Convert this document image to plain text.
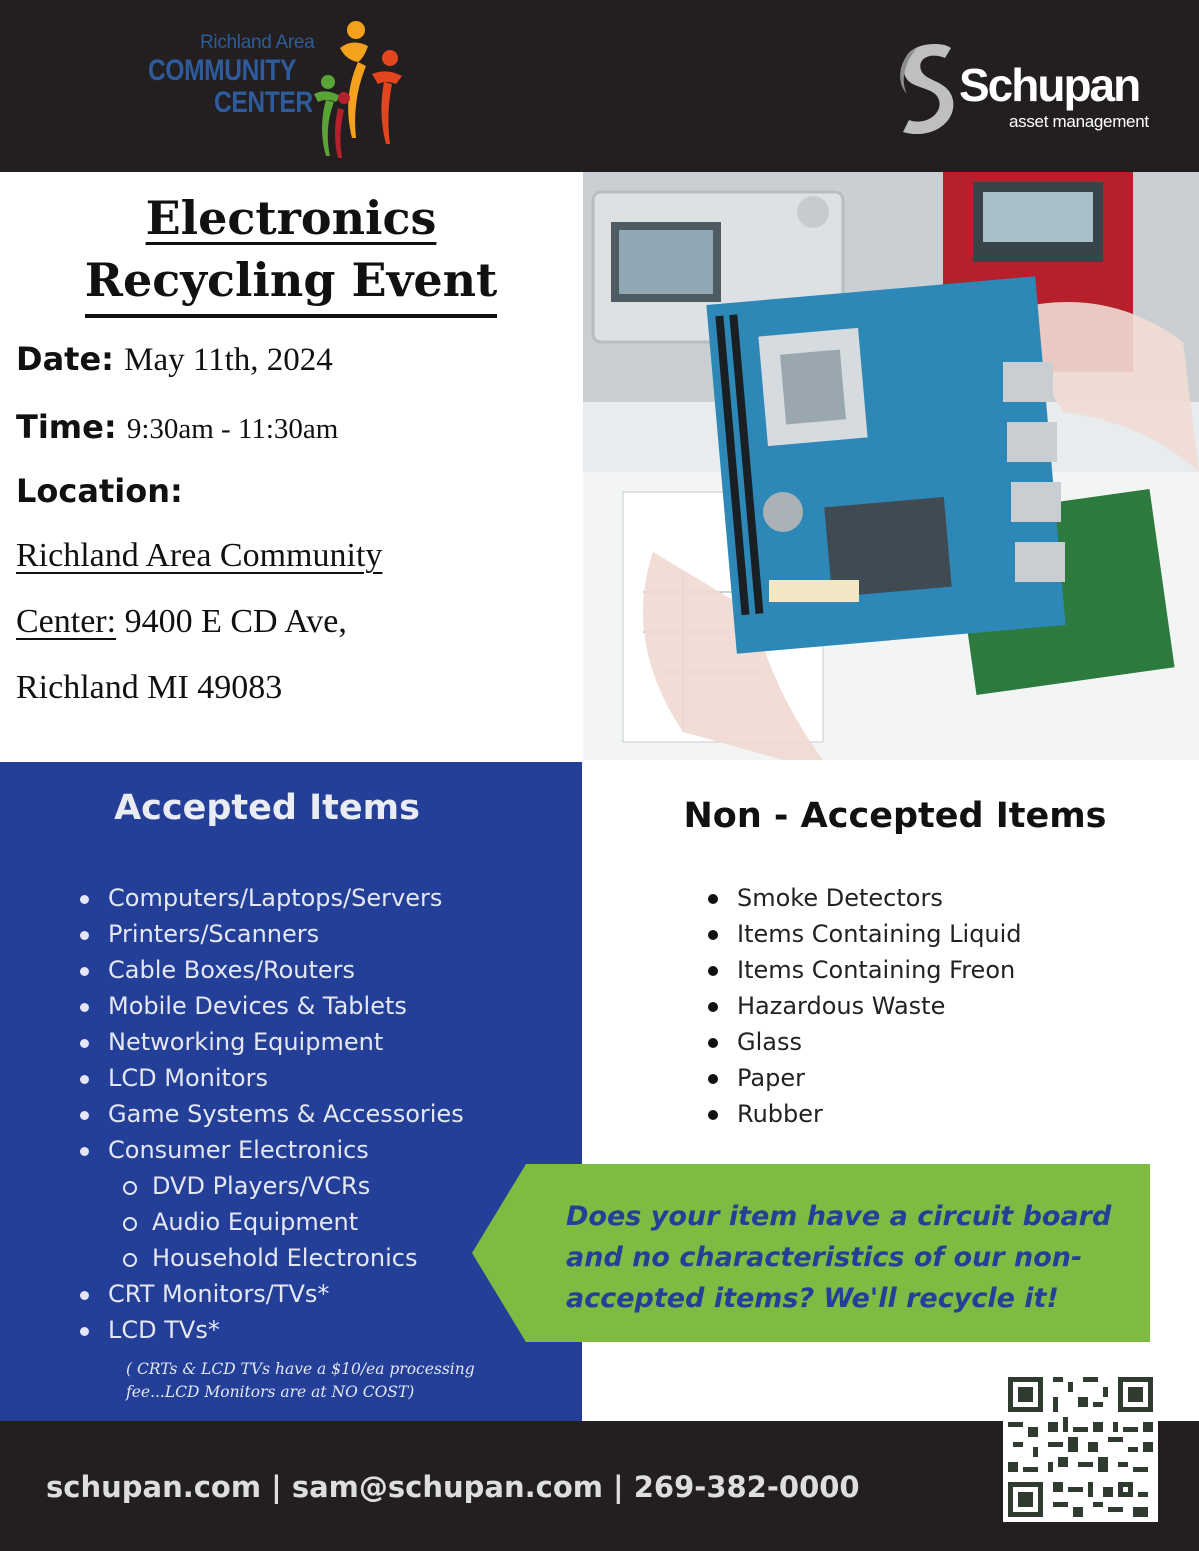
Richland Area
COMMUNITY
CENTER	Schupan
asset management
Electronics
Recycling Event
Date: May 11th, 2024
Time: 9:30am - 11:30am
Location:
Richland Area Community
Center: 9400 E CD Ave,
Richland MI 49083
Accepted Items
Computers/Laptops/Servers
Printers/Scanners
Cable Boxes/Routers
Mobile Devices & Tablets
Networking Equipment
LCD Monitors
Game Systems & Accessories
Consumer Electronics
DVD Players/VCRs
Audio Equipment
Household Electronics
CRT Monitors/TVs*
LCD TVs*
( CRTs & LCD TVs have a $10/ea processing
fee...LCD Monitors are at NO COST)
Non - Accepted Items
Smoke Detectors
Items Containing Liquid
Items Containing Freon
Hazardous Waste
Glass
Paper
Rubber
Does your item have a circuit board
and no characteristics of our non-
accepted items? We'll recycle it!
schupan.com | sam@schupan.com | 269-382-0000
